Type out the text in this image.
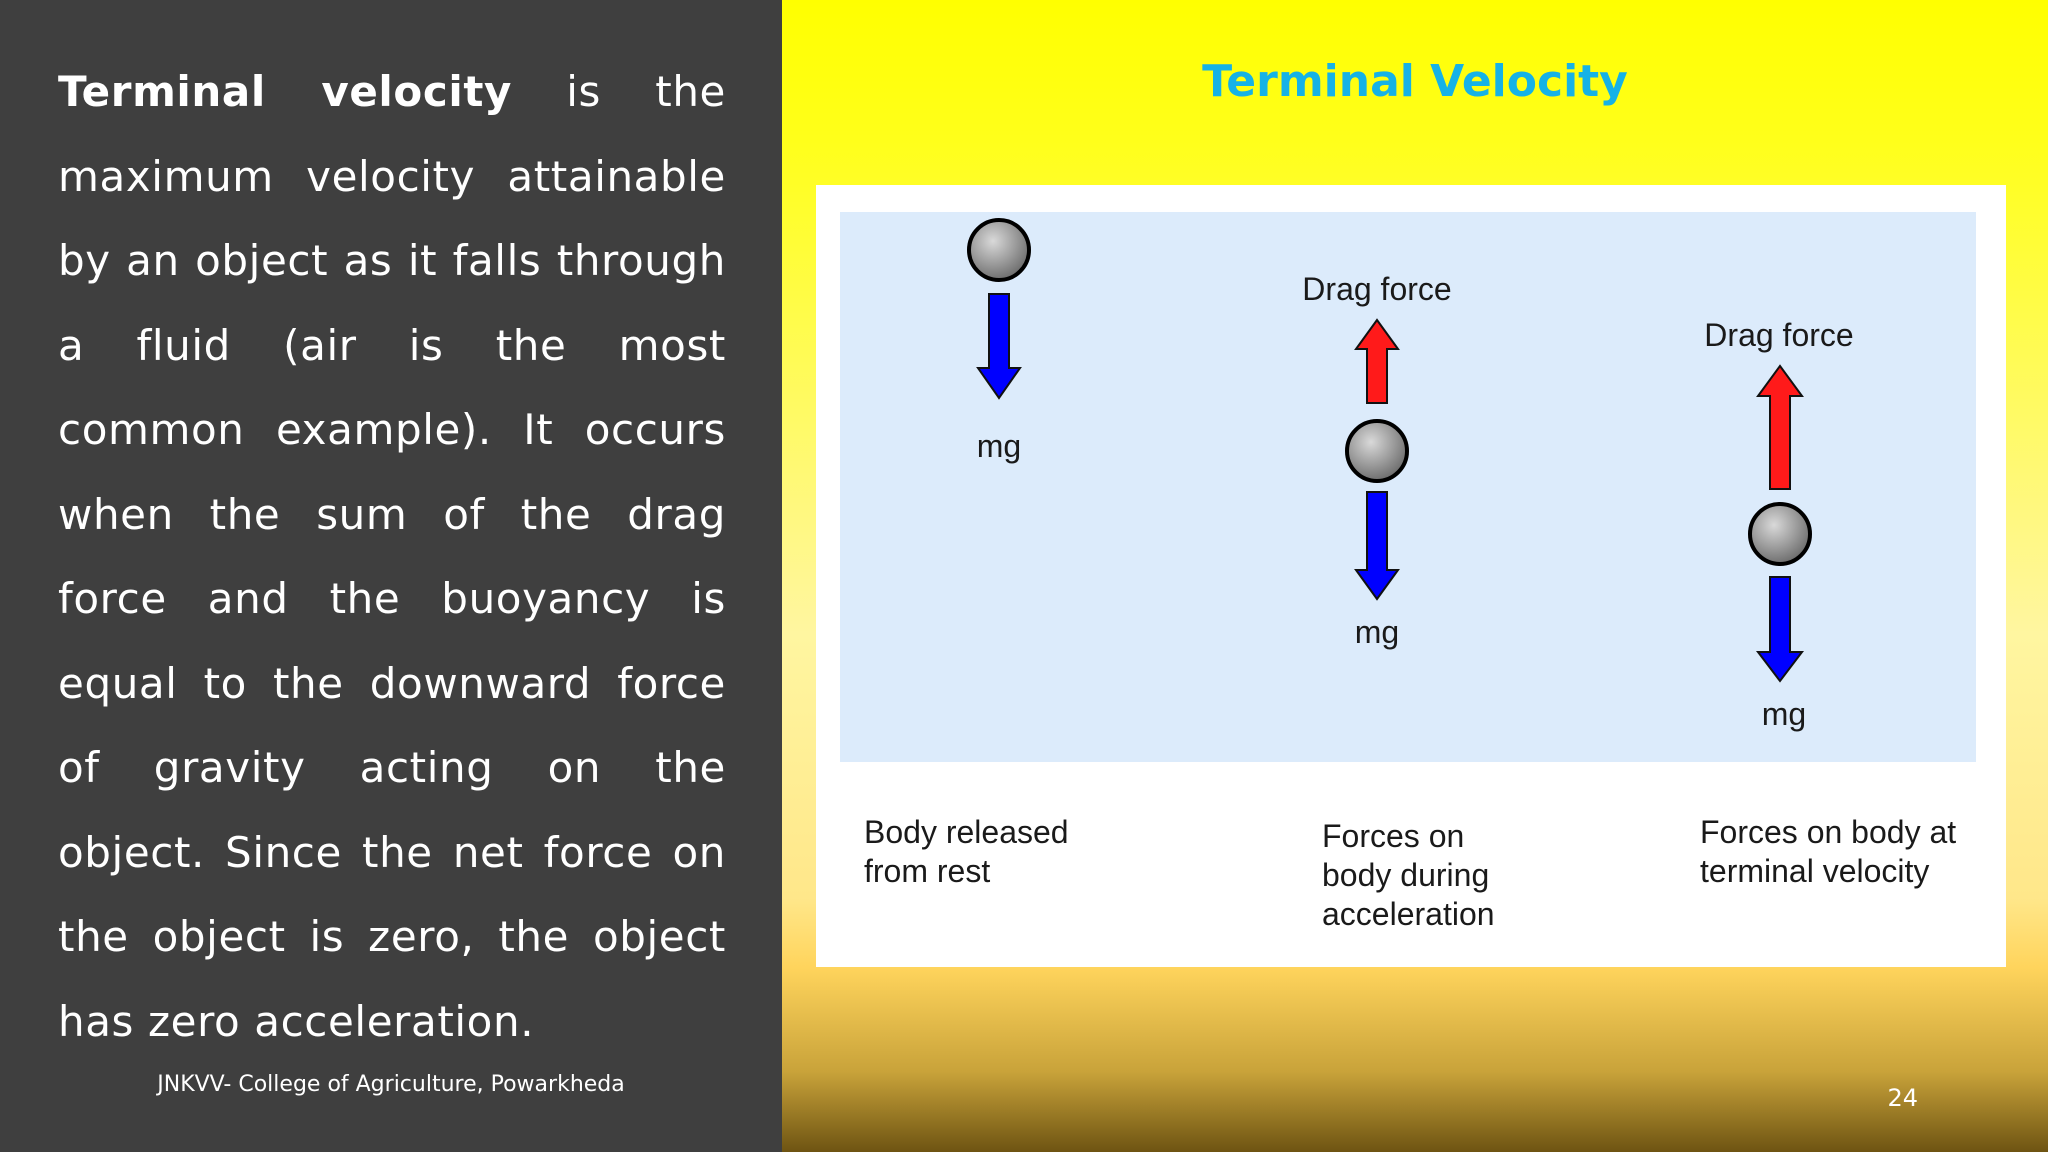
Terminal velocity is the maximum velocity attainable by an object as it falls through a fluid (air is the most common example). It occurs when the sum of the drag force and the buoyancy is equal to the downward force of gravity acting on the object. Since the net force on the object is zero, the object has zero acceleration.
JNKVV- College of Agriculture, Powarkheda
Terminal Velocity
mg
Drag force
mg
Drag force
mg
Body released
from rest
Forces on
body during
acceleration
Forces on body at
terminal velocity
24
